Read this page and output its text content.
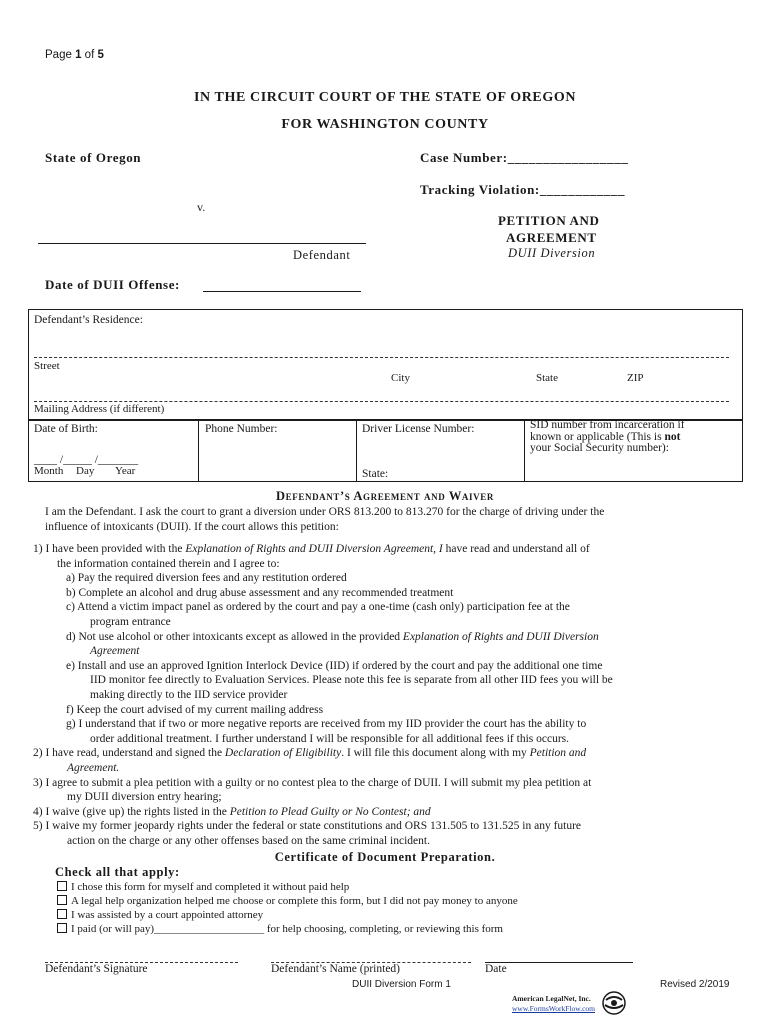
Page 1 of 5
IN THE CIRCUIT COURT OF THE STATE OF OREGON
FOR WASHINGTON COUNTY
State of Oregon	Case Number:_________________
Tracking Violation:____________
v.
Defendant
PETITION AND
AGREEMENT
DUII Diversion
Date of DUII Offense:
Defendant’s Residence:
Street
City	State	ZIP
Mailing Address (if different)
Date of Birth:
____ /_____ /_______
Month Day Year
Phone Number:	Driver License Number:
State:
SID number from incarceration if
known or applicable (This is not
your Social Security number):
Defendant’s Agreement and Waiver
I am the Defendant. I ask the court to grant a diversion under ORS 813.200 to 813.270 for the charge of driving under the
influence of intoxicants (DUII). If the court allows this petition:
1) I have been provided with the Explanation of Rights and DUII Diversion Agreement, I have read and understand all of
the information contained therein and I agree to:
a) Pay the required diversion fees and any restitution ordered
b) Complete an alcohol and drug abuse assessment and any recommended treatment
c) Attend a victim impact panel as ordered by the court and pay a one-time (cash only) participation fee at the
program entrance
d) Not use alcohol or other intoxicants except as allowed in the provided Explanation of Rights and DUII Diversion
Agreement
e) Install and use an approved Ignition Interlock Device (IID) if ordered by the court and pay the additional one time
IID monitor fee directly to Evaluation Services. Please note this fee is separate from all other IID fees you will be
making directly to the IID service provider
f) Keep the court advised of my current mailing address
g) I understand that if two or more negative reports are received from my IID provider the court has the ability to
order additional treatment. I further understand I will be responsible for all additional fees if this occurs.
2) I have read, understand and signed the Declaration of Eligibility. I will file this document along with my Petition and
Agreement.
3) I agree to submit a plea petition with a guilty or no contest plea to the charge of DUII. I will submit my plea petition at
my DUII diversion entry hearing;
4) I waive (give up) the rights listed in the Petition to Plead Guilty or No Contest; and
5) I waive my former jeopardy rights under the federal or state constitutions and ORS 131.505 to 131.525 in any future
action on the charge or any other offenses based on the same criminal incident.
Certificate of Document Preparation.
Check all that apply:
I chose this form for myself and completed it without paid help
A legal help organization helped me choose or complete this form, but I did not pay money to anyone
I was assisted by a court appointed attorney
I paid (or will pay)____________________ for help choosing, completing, or reviewing this form
Defendant’s Signature	Defendant’s Name (printed)	Date
DUII Diversion Form 1	Revised 2/2019
American LegalNet, Inc.
www.FormsWorkFlow.com
